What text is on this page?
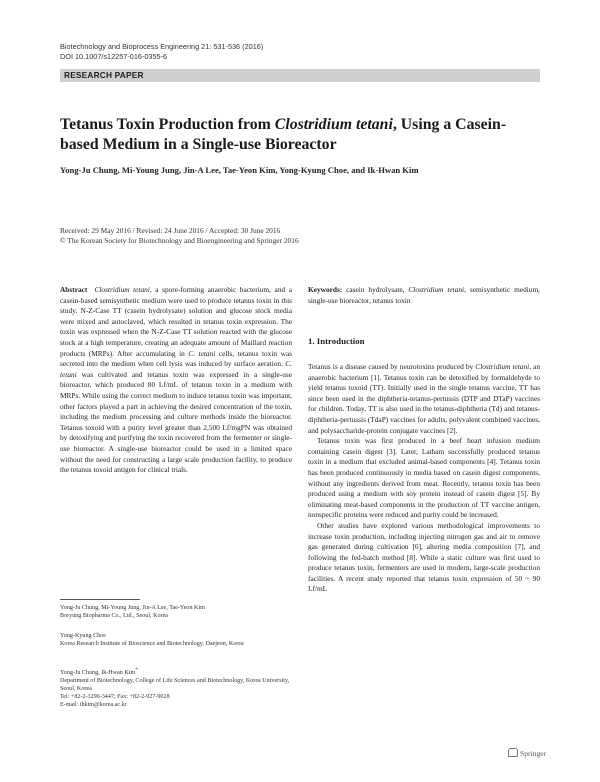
Biotechnology and Bioprocess Engineering 21: 531-536 (2016)
DOI 10.1007/s12257-016-0355-6
RESEARCH PAPER
Tetanus Toxin Production from Clostridium tetani, Using a Casein-based Medium in a Single-use Bioreactor
Yong-Ju Chung, Mi-Young Jung, Jin-A Lee, Tae-Yeon Kim, Yong-Kyung Choe, and Ik-Hwan Kim
Received: 29 May 2016 / Revised: 24 June 2016 / Accepted: 30 June 2016
© The Korean Society for Biotechnology and Bioengineering and Springer 2016

Abstract Clostridium tetani, a spore-forming anaerobic bacterium, and a casein-based semisynthetic medium were used to produce tetanus toxin in this study. N-Z-Case TT (casein hydrolysate) solution and glucose stock media were mixed and autoclaved, which resulted in tetanus toxin expression. The toxin was expressed when the N-Z-Case TT solution reacted with the glucose stock at a high temperature, creating an adequate amount of Maillard reaction products (MRPs). After accumulating in C. tetani cells, tetanus toxin was secreted into the medium when cell lysis was induced by surface aeration. C. tetani was cultivated and tetanus toxin was expressed in a single-use bioreactor, which produced 80 Lf/mL of tetanus toxin in a medium with MRPs. While using the correct medium to induce tetanus toxin was important, other factors played a part in achieving the desired concentration of the toxin, including the medium processing and culture methods inside the bioreactor. Tetanus toxoid with a purity level greater than 2,500 Lf/mgPN was obtained by detoxifying and purifying the toxin recovered from the fermenter or single-use bioreactor. A single-use bioreactor could be used in a limited space without the need for constructing a large scale production facility, to produce the tetanus toxoid antigen for clinical trials.

Yong-Ju Chung, Mi-Young Jung, Jin-A Lee, Tae-Yeon Kim
Boryung Biopharma Co., Ltd., Seoul, Korea
Yong-Kyung Choe
Korea Research Institute of Bioscience and Biotechnology, Daejeon, Korea
Yong-Ju Chung, Ik-Hwan Kim*
Department of Biotechnology, College of Life Sciences and Biotechnology, Korea University, Seoul, Korea
Tel: +82-2-3290-3447; Fax: +82-2-927-9028
E-mail: ihkim@korea.ac.kr

Keywords: casein hydrolysate, Clostridium tetani, semisynthetic medium, single-use bioreactor, tetanus toxin

1. Introduction

Tetanus is a disease caused by neurotoxins produced by Clostridium tetani, an anaerobic bacterium [1]. Tetanus toxin can be detoxified by formaldehyde to yield tetanus toxoid (TT). Initially used in the single tetanus vaccine, TT has since been used in the diphtheria-tetanus-pertussis (DTP and DTaP) vaccines for children. Today, TT is also used in the tetanus-diphtheria (Td) and tetanus-diphtheria-pertussis (TdaP) vaccines for adults, polyvalent combined vaccines, and polysaccharide-protein conjugate vaccines [2].

Tetanus toxin was first produced in a beef heart infusion medium containing casein digest [3]. Later, Latham successfully produced tetanus toxin in a medium that excluded animal-based components [4]. Tetanus toxin has been produced continuously in media based on casein digest components, without any ingredients derived from meat. Recently, tetanus toxin has been produced using a medium with soy protein instead of casein digest [5]. By eliminating meat-based components in the production of TT vaccine antigen, nonspecific proteins were reduced and purity could be increased.

Other studies have explored various methodological improvements to increase toxin production, including injecting nitrogen gas and air to remove gas generated during cultivation [6], altering media composition [7], and following the fed-batch method [8]. While a static culture was first used to produce tetanus toxin, fermenters are used in modern, large-scale production facilities. A recent study reported that tetanus toxin expression of 50 ~ 90 Lf/mL

Springer
